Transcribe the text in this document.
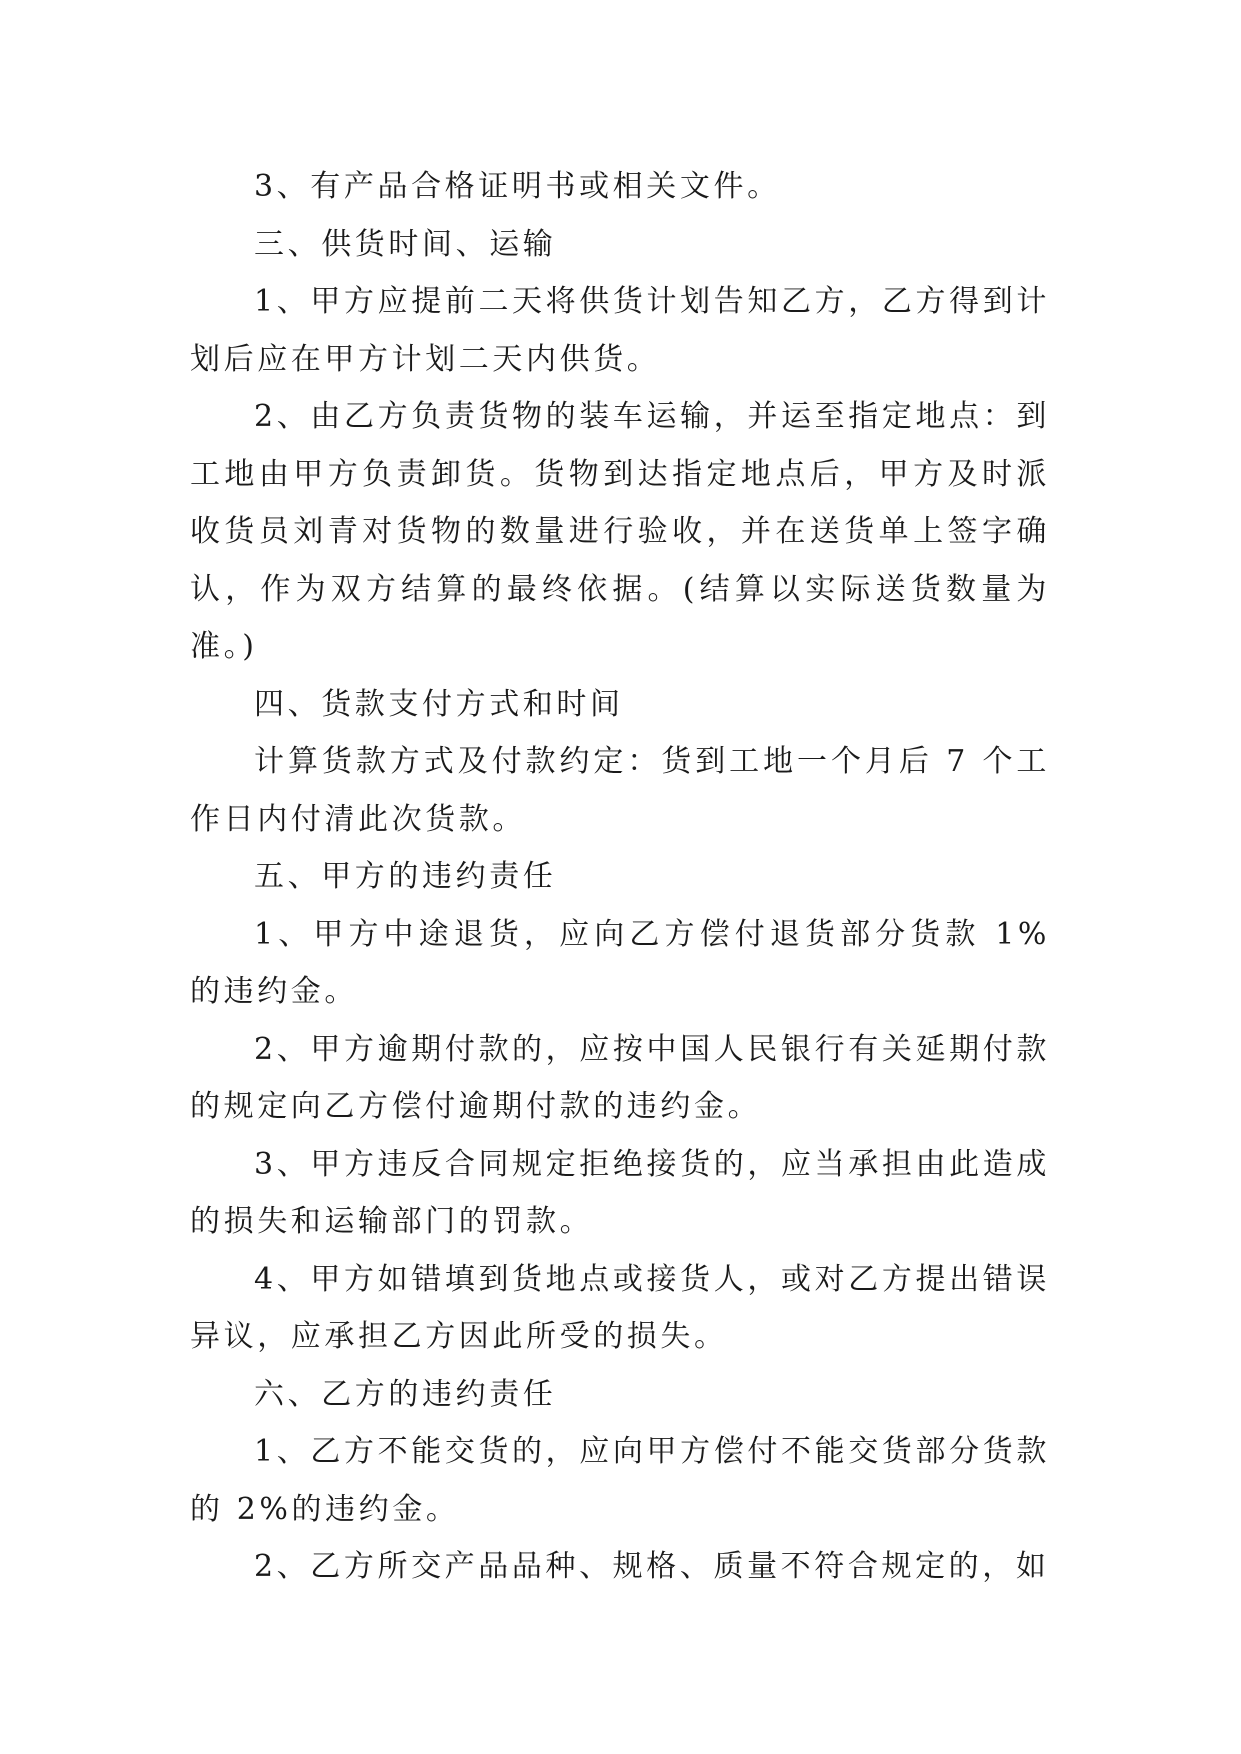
3、有产品合格证明书或相关文件。

三、供货时间、运输

1、甲方应提前二天将供货计划告知乙方，乙方得到计划后应在甲方计划二天内供货。

2、由乙方负责货物的装车运输，并运至指定地点：到工地由甲方负责卸货。货物到达指定地点后，甲方及时派收货员刘青对货物的数量进行验收，并在送货单上签字确认，作为双方结算的最终依据。(结算以实际送货数量为准。)

四、货款支付方式和时间

计算货款方式及付款约定：货到工地一个月后 7 个工作日内付清此次货款。

五、甲方的违约责任

1、甲方中途退货，应向乙方偿付退货部分货款 1%的违约金。

2、甲方逾期付款的，应按中国人民银行有关延期付款的规定向乙方偿付逾期付款的违约金。

3、甲方违反合同规定拒绝接货的，应当承担由此造成的损失和运输部门的罚款。

4、甲方如错填到货地点或接货人，或对乙方提出错误异议，应承担乙方因此所受的损失。

六、乙方的违约责任

1、乙方不能交货的，应向甲方偿付不能交货部分货款的 2%的违约金。

2、乙方所交产品品种、规格、质量不符合规定的，如
